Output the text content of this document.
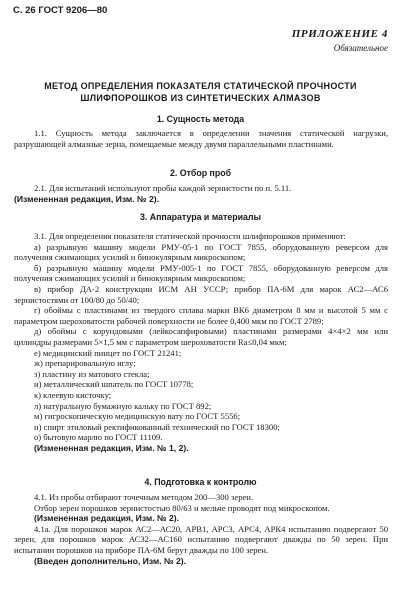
С. 26 ГОСТ 9206—80
ПРИЛОЖЕНИЕ 4
Обязательное
МЕТОД ОПРЕДЕЛЕНИЯ ПОКАЗАТЕЛЯ СТАТИЧЕСКОЙ ПРОЧНОСТИ
ШЛИФПОРОШКОВ ИЗ СИНТЕТИЧЕСКИХ АЛМАЗОВ
1. Сущность метода

1.1. Сущность метода заключается в определении значения статической нагрузки, разрушающей алмазные зерна, помещаемые между двумя параллельными пластинами.

2. Отбор проб

2.1. Для испытаний используют пробы каждой зернистости по п. 5.11.

(Измененная редакция, Изм. № 2).

3. Аппаратура и материалы

3.1. Для определения показателя статической прочности шлифпорошков применяют:

а) разрывную машину модели РМУ-05-1 по ГОСТ 7855, оборудованную реверсом для получения сжимающих усилий и бинокулярным микроскопом;

б) разрывную машину модели РМУ-005-1 по ГОСТ 7855, оборудованную реверсом для получения сжимающих усилий и бинокулярным микроскопом;

в) прибор ДА-2 конструкции ИСМ АН УССР; прибор ПА-6М для марок АС2—АС6 зернистостями от 100/80 до 50/40;

г) обоймы с пластинами из твердого сплава марки ВК6 диаметром 8 мм и высотой 5 мм с параметром шероховатости рабочей поверхности не более 0,400 мкм по ГОСТ 2789;

д) обоймы с корундовыми (лейкосапфировыми) пластинами размерами 4×4×2 мм или цилиндры размерами 5×1,5 мм с параметром шероховатости Ra≤0,04 мкм;

е) медицинский пинцет по ГОСТ 21241;

ж) препарировальную иглу;

з) пластину из матового стекла;

и) металлический шпатель по ГОСТ 10778;

к) клеевую кисточку;

л) натуральную бумажную кальку по ГОСТ 892;

м) гигроскопическую медицинскую вату по ГОСТ 5556;

н) спирт этиловый ректификованный технический по ГОСТ 18300;

о) бытовую марлю по ГОСТ 11109.

(Измененная редакция, Изм. № 1, 2).

4. Подготовка к контролю

4.1. Из пробы отбирают точечным методом 200—300 зерен.

Отбор зерен порошков зернистостью 80/63 и мельче проводят под микроскопом.

(Измененная редакция, Изм. № 2).

4.1а. Для порошков марок АС2—АС20, АРВ1, АРС3, АРС4, АРК4 испытанию подвергают 50 зерен, для порошков марок АС32—АС160 испытанию подвергают дважды по 50 зерен. При испытании порошков на приборе ПА-6М берут дважды по 100 зерен.

(Введен дополнительно, Изм. № 2).
